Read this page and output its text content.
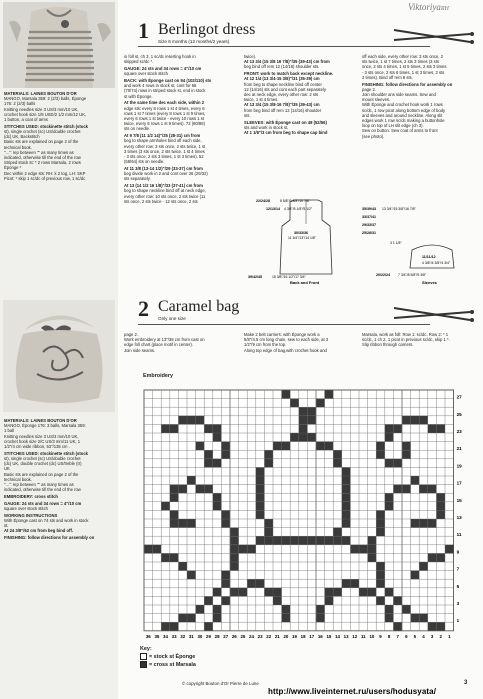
MATERIALS: LAINES BOUTON D'OR
MANGO, Marsala 359: 2 (2/3) balls, Éponge
176: 2 (2/3) balls
Knitting needles size 3 US/3 mm/10 UK,
crochet hook size 1/8 USD/2 1/2 mm/12 UK,
1 button, a coat of arms

STITCHES USED: stockinette stitch (stock
st), single crochet (sc) US/double crochet
(dc) UK, Backstitch
Basic sts are explained on page 2 of the
technical book.
"...": rep between "" as many times as
indicated, otherwise till the end of the row
Striped stock st: * 2 rows Marsala, 2 rows
Éponge *
Dec within 2 edge sts: RH: k 2 tog, LH: SKP
Picot: * skip 1 sc/dc of previous row, 1 sc/dc

MATERIALS: LAINES BOUTON D'OR
MANGO, Éponge 176: 3 balls, Marsala 359:
1 ball
Knitting needles size 3 US/3 mm/10 UK,
crochet hook size 2/C US/3 mm/11 UK, 1
1/2"/4 cm wide ribbon, 53"/135 cm .

STITCHES USED: stockinette stitch (stock
st), single crochet (sc) US/double crochet
(dc) UK, double crochet (dc) US/treble (tr)
UK
Basic sts are explained on page 2 of the
technical book.
"...": rep between "" as many times as
indicated, otherwise till the end of the row

EMBROIDERY: cross stitch

GAUGE: 24 sts and 34 rows = 4"/10 cm
square over stock stitch

WORKING INSTRUCTIONS
With Éponge cast on 74 sts and work in stock
st.
At 24 3/8"/62 cm from beg bind off.

FINISHING: follow directions for assembly on

ViktoriyaRH
1 Berlingot dress
Size 6 months (12 months/2 years)

in foll st, ch 3, 1 sc/dc inserting hook in
skipped sc/dc *.

GAUGE: 24 sts and 34 rows = 4"/10 cm
square over stock stitch

BACK: with Éponge cast on 94 (102/110) sts
and work 4 rows in stock st, cont for 66
(70/74) rows in striped stock st, end in stock
st with Éponge.

At the same time dec each side, within 2
edge sts: every 8 rows 1 st 4 times, every 6
rows 1 st 7 times (every 8 rows 1 st 9 times,
every 6 rows 1 st twice - every 10 rows 1 st
twice, every 8 rows 1 st 9 times). 72 (80/88)
sts on needle.

At 9 7/8 (11 1/2 14)"/25 (28-31) cm from
beg to shape armholes bind off each side,
every other row: 3 sts once, 2 sts twice, 1 st
3 times (3 sts once, 2 sts twice, 1 st 4 times
- 3 sts once, 2 sts 3 times, 1 st 3 times). 52
(58/64) sts on needle.

At 11 3/8 (13-14 1/2)"/29 (33-37) cm from
beg divide work in 2 and cont over 26 (29/32)
sts separately.

At 13 (14 1/2 16 1/8)"/33 (37-41) cm from
beg to shape neckline bind off at neck edge,
every other row: 10 sts once, 2 sts twice (11
sts once, 2 sts twice - 12 sts once, 2 sts

twice).
At 13 3/4 (15 3/8 16 7/8)"/35 (39-43) cm from
beg bind off rem 12 (14/16) shoulder sts.

FRONT: work to match back except neckline.
At 12 1/4 (13 3/4-15 3/8)"/31 (35-39) cm
from beg to shape neckline bind off center
12 (14/16) sts and cont each part separately
dec at neck edge, every other row: 2 sts
twice, 1 st 4 times.
At 13 3/4 (15 3/8-16 7/8)"/35 (39-43) cm
from beg bind off rem 12 (14/16) shoulder
sts.

SLEEVES: with Éponge cast on 48 (52/56)
sts and work in stock st.
At 1 1/8"/3 cm from beg to shape cap bind

off each side, every other row: 3 sts once, 2
sts twice, 1 st 7 times, 2 sts 3 times (3 sts
once, 2 sts 4 times, 1 st 5 times, 2 sts 3 times
- 3 sts once, 2 sts 6 times, 1 st 3 times, 2 sts
3 times). Bind off rem 8 sts.

FINISHING: follow directions for assembly on
page 2.
Join shoulder ans side seams. Sew and
mount sleeves.
With Éponge and crochet hook work 1 rows
sc/dc, 1 row picot along bottom edge of body
and sleeves and around neckline. Along slit
edges work 1 row sc/dc making a buttonhole
loop on top of LH slit edge (ch 3).
Sew on button. Sew coat of arms to front
(see photo).

22/24/28	8 5/8"/9 3/8"/10 7/8"
12/13/14 4 3/4"/5 1/8"/5 1/2"
30/33/36
11 3/4"/13"/14 1/8"
39/42/45	15 3/8"/16 1/2"/17 3/4"
Back and Front
35/39/43 13 3/4"/15 3/8"/16 7/8"
33/37/41
29/33/37
25/28/31
3 1 1/8"
11/11/12
4 3/8"/4 3/8"/4 3/4"
20/22/24 7 3/4"/8 5/8"/9 3/8"
Sleeves
2 Caramel bag
Only one size
page 2.
Work embroidery at 13"/38 cm from cast on
edge foll chart (place motif in center).
Join side seams.
Make 2 belt carriers: with Éponge work a
5/8"/4.5 cm long chain, sew to each side, at 3
1/2"/9 cm from the top.
Along top edge of bag,with crochet hook and
Marsala, work as foll: Row 1: sc/dc. Row 2: * 1
sc/dc, 1 ch 2, 1 picot in previous sc/dc, skip 1 *.
Slip ribbon through carriers.
Embroidery
27
25
23
21
19
17
15
13
11
9
7
5
3
1
36 35 34 33 32 31 30 29 28 27 26 25 24 23 22 21 20 19 18 17 16 15 14 13 12 11 10 9 8 7 6 5 4 3 2 1
Key:
= stock st Éponge
= cross st Marsala
© copyright Bouton d'Or Pierre de Lune	3
http://www.liveinternet.ru/users/hodusyata/
